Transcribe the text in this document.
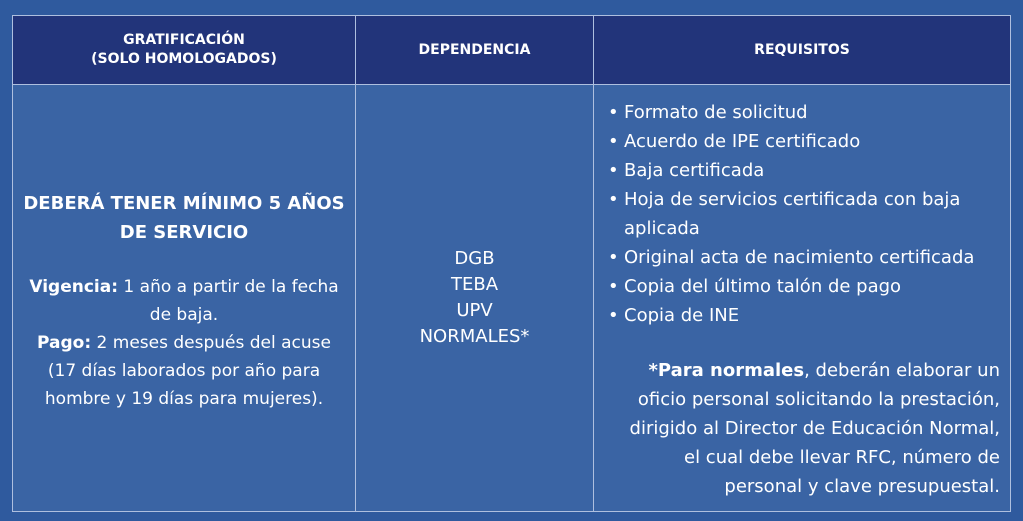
GRATIFICACIÓN
(SOLO HOMOLOGADOS)
DEPENDENCIA	REQUISITOS
DEBERÁ TENER MÍNIMO 5 AÑOS DE SERVICIO
Vigencia: 1 año a partir de la fecha de baja.
Pago: 2 meses después del acuse (17 días laborados por año para hombre y 19 días para mujeres).
DGB
TEBA
UPV
NORMALES*
• Formato de solicitud
• Acuerdo de IPE certificado
• Baja certificada
• Hoja de servicios certificada con baja aplicada
• Original acta de nacimiento certificada
• Copia del último talón de pago
• Copia de INE
*Para normales, deberán elaborar un oficio personal solicitando la prestación, dirigido al Director de Educación Normal, el cual debe llevar RFC, número de personal y clave presupuestal.
